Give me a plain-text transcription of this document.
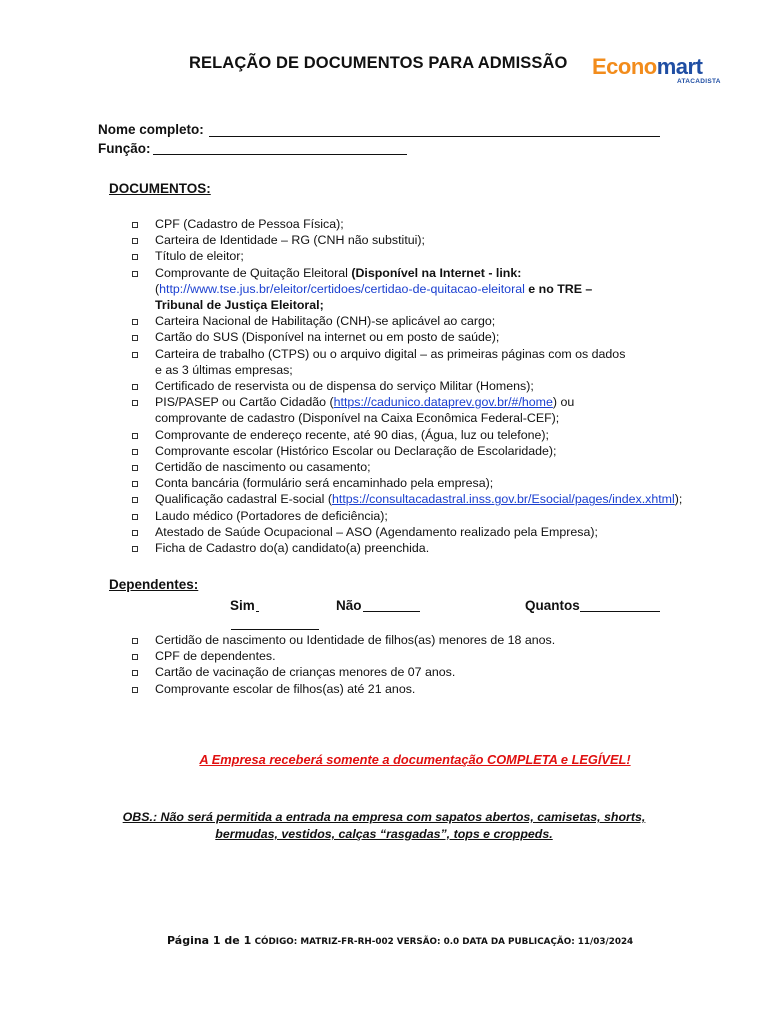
RELAÇÃO DE DOCUMENTOS PARA ADMISSÃO Economart
ATACADISTA
Nome completo:
Função:
DOCUMENTOS:
CPF (Cadastro de Pessoa Física);
Carteira de Identidade – RG (CNH não substitui);
Título de eleitor;
Comprovante de Quitação Eleitoral (Disponível na Internet - link:
(http://www.tse.jus.br/eleitor/certidoes/certidao-de-quitacao-eleitoral e no TRE –
Tribunal de Justiça Eleitoral;
Carteira Nacional de Habilitação (CNH)-se aplicável ao cargo;
Cartão do SUS (Disponível na internet ou em posto de saúde);
Carteira de trabalho (CTPS) ou o arquivo digital – as primeiras páginas com os dados
e as 3 últimas empresas;
Certificado de reservista ou de dispensa do serviço Militar (Homens);
PIS/PASEP ou Cartão Cidadão (https://cadunico.dataprev.gov.br/#/home) ou
comprovante de cadastro (Disponível na Caixa Econômica Federal-CEF);
Comprovante de endereço recente, até 90 dias, (Água, luz ou telefone);
Comprovante escolar (Histórico Escolar ou Declaração de Escolaridade);
Certidão de nascimento ou casamento;
Conta bancária (formulário será encaminhado pela empresa);
Qualificação cadastral E-social (https://consultacadastral.inss.gov.br/Esocial/pages/index.xhtml);
Laudo médico (Portadores de deficiência);
Atestado de Saúde Ocupacional – ASO (Agendamento realizado pela Empresa);
Ficha de Cadastro do(a) candidato(a) preenchida.
Dependentes:
Sim	Não	Quantos
Certidão de nascimento ou Identidade de filhos(as) menores de 18 anos.
CPF de dependentes.
Cartão de vacinação de crianças menores de 07 anos.
Comprovante escolar de filhos(as) até 21 anos.
A Empresa receberá somente a documentação COMPLETA e LEGÍVEL!
OBS.: Não será permitida a entrada na empresa com sapatos abertos, camisetas, shorts,
bermudas, vestidos, calças “rasgadas”, tops e croppeds.
Página 1 de 1 CÓDIGO: MATRIZ-FR-RH-002 VERSÃO: 0.0 DATA DA PUBLICAÇÃO: 11/03/2024
